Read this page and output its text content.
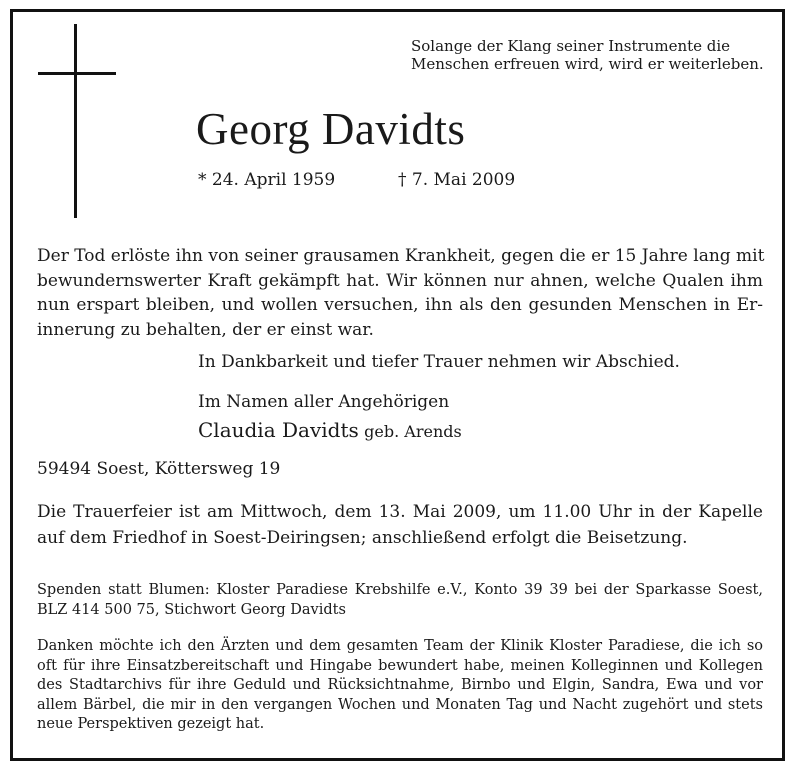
Solange der Klang seiner Instrumente die
Menschen erfreuen wird, wird er weiterleben.
Georg Davidts
* 24. April 1959	† 7. Mai 2009
Der Tod erlöste ihn von seiner grausamen Krankheit, gegen die er 15 Jahre lang mit
bewundernswerter Kraft gekämpft hat. Wir können nur ahnen, welche Qualen ihm
nun erspart bleiben, und wollen versuchen, ihn als den gesunden Menschen in Er-
innerung zu behalten, der er einst war.
In Dankbarkeit und tiefer Trauer nehmen wir Abschied.
Im Namen aller Angehörigen
Claudia Davidts geb. Arends
59494 Soest, Köttersweg 19
Die Trauerfeier ist am Mittwoch, dem 13. Mai 2009, um 11.00 Uhr in der Kapelle
auf dem Friedhof in Soest-Deiringsen; anschließend erfolgt die Beisetzung.
Spenden statt Blumen: Kloster Paradiese Krebshilfe e.V., Konto 39 39 bei der Sparkasse Soest,
BLZ 414 500 75, Stichwort Georg Davidts
Danken möchte ich den Ärzten und dem gesamten Team der Klinik Kloster Paradiese, die ich so
oft für ihre Einsatzbereitschaft und Hingabe bewundert habe, meinen Kolleginnen und Kollegen
des Stadtarchivs für ihre Geduld und Rücksichtnahme, Birnbo und Elgin, Sandra, Ewa und vor
allem Bärbel, die mir in den vergangen Wochen und Monaten Tag und Nacht zugehört und stets
neue Perspektiven gezeigt hat.
